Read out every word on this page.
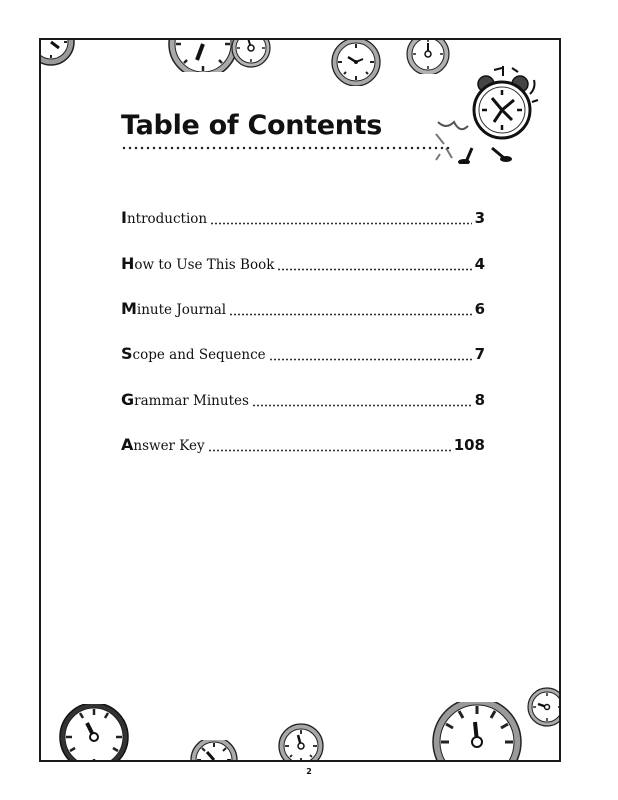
Table of Contents
Introduction	3
How to Use This Book	4
Minute Journal	6
Scope and Sequence	7
Grammar Minutes	8
Answer Key	108
2
